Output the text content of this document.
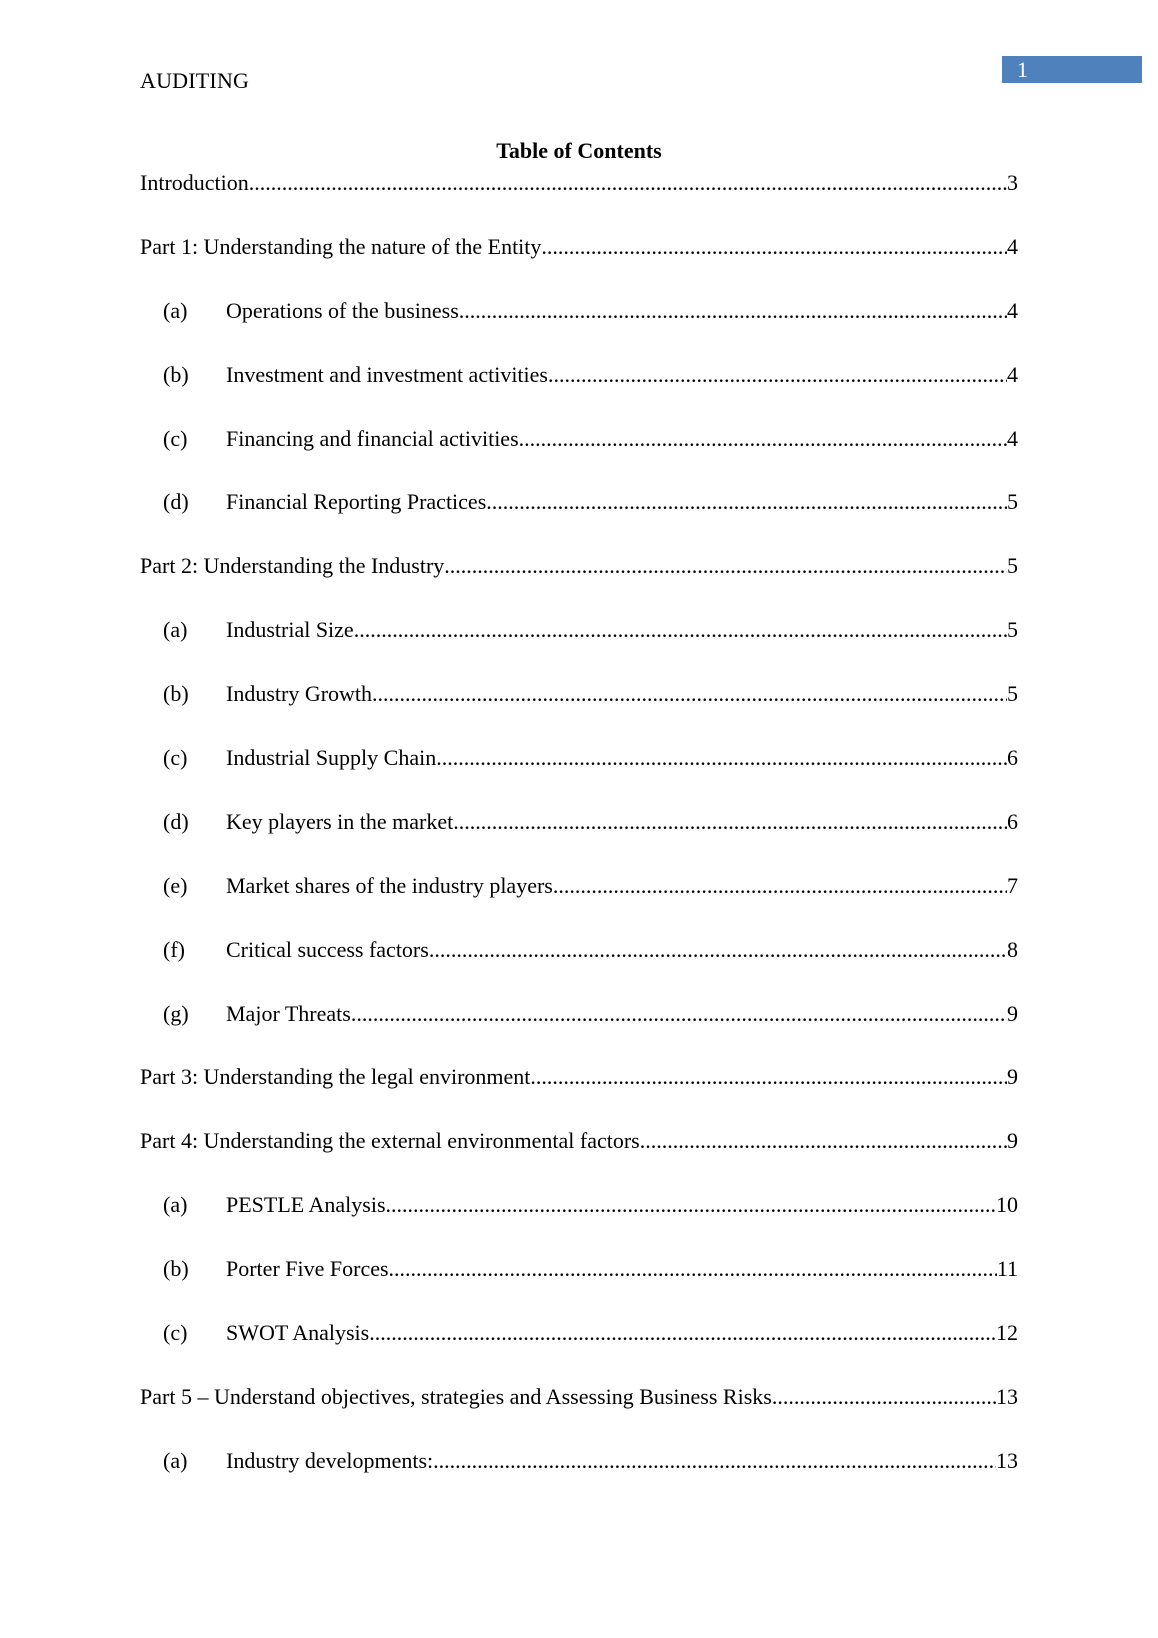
AUDITING	1
Table of Contents
Introduction .....	3
Part 1: Understanding the nature of the Entity .....	4
(a)	Operations of the business .....	4
(b)	Investment and investment activities .....	4
(c)	Financing and financial activities .....	4
(d)	Financial Reporting Practices .....	5
Part 2: Understanding the Industry .....	5
(a)	Industrial Size .....	5
(b)	Industry Growth .....	5
(c)	Industrial Supply Chain .....	6
(d)	Key players in the market .....	6
(e)	Market shares of the industry players .....	7
(f)	Critical success factors .....	8
(g)	Major Threats .....	9
Part 3: Understanding the legal environment .....	9
Part 4: Understanding the external environmental factors .....	9
(a)	PESTLE Analysis .....	10
(b)	Porter Five Forces .....	11
(c)	SWOT Analysis .....	12
Part 5 – Understand objectives, strategies and Assessing Business Risks .....	13
(a)	Industry developments: .....	13
